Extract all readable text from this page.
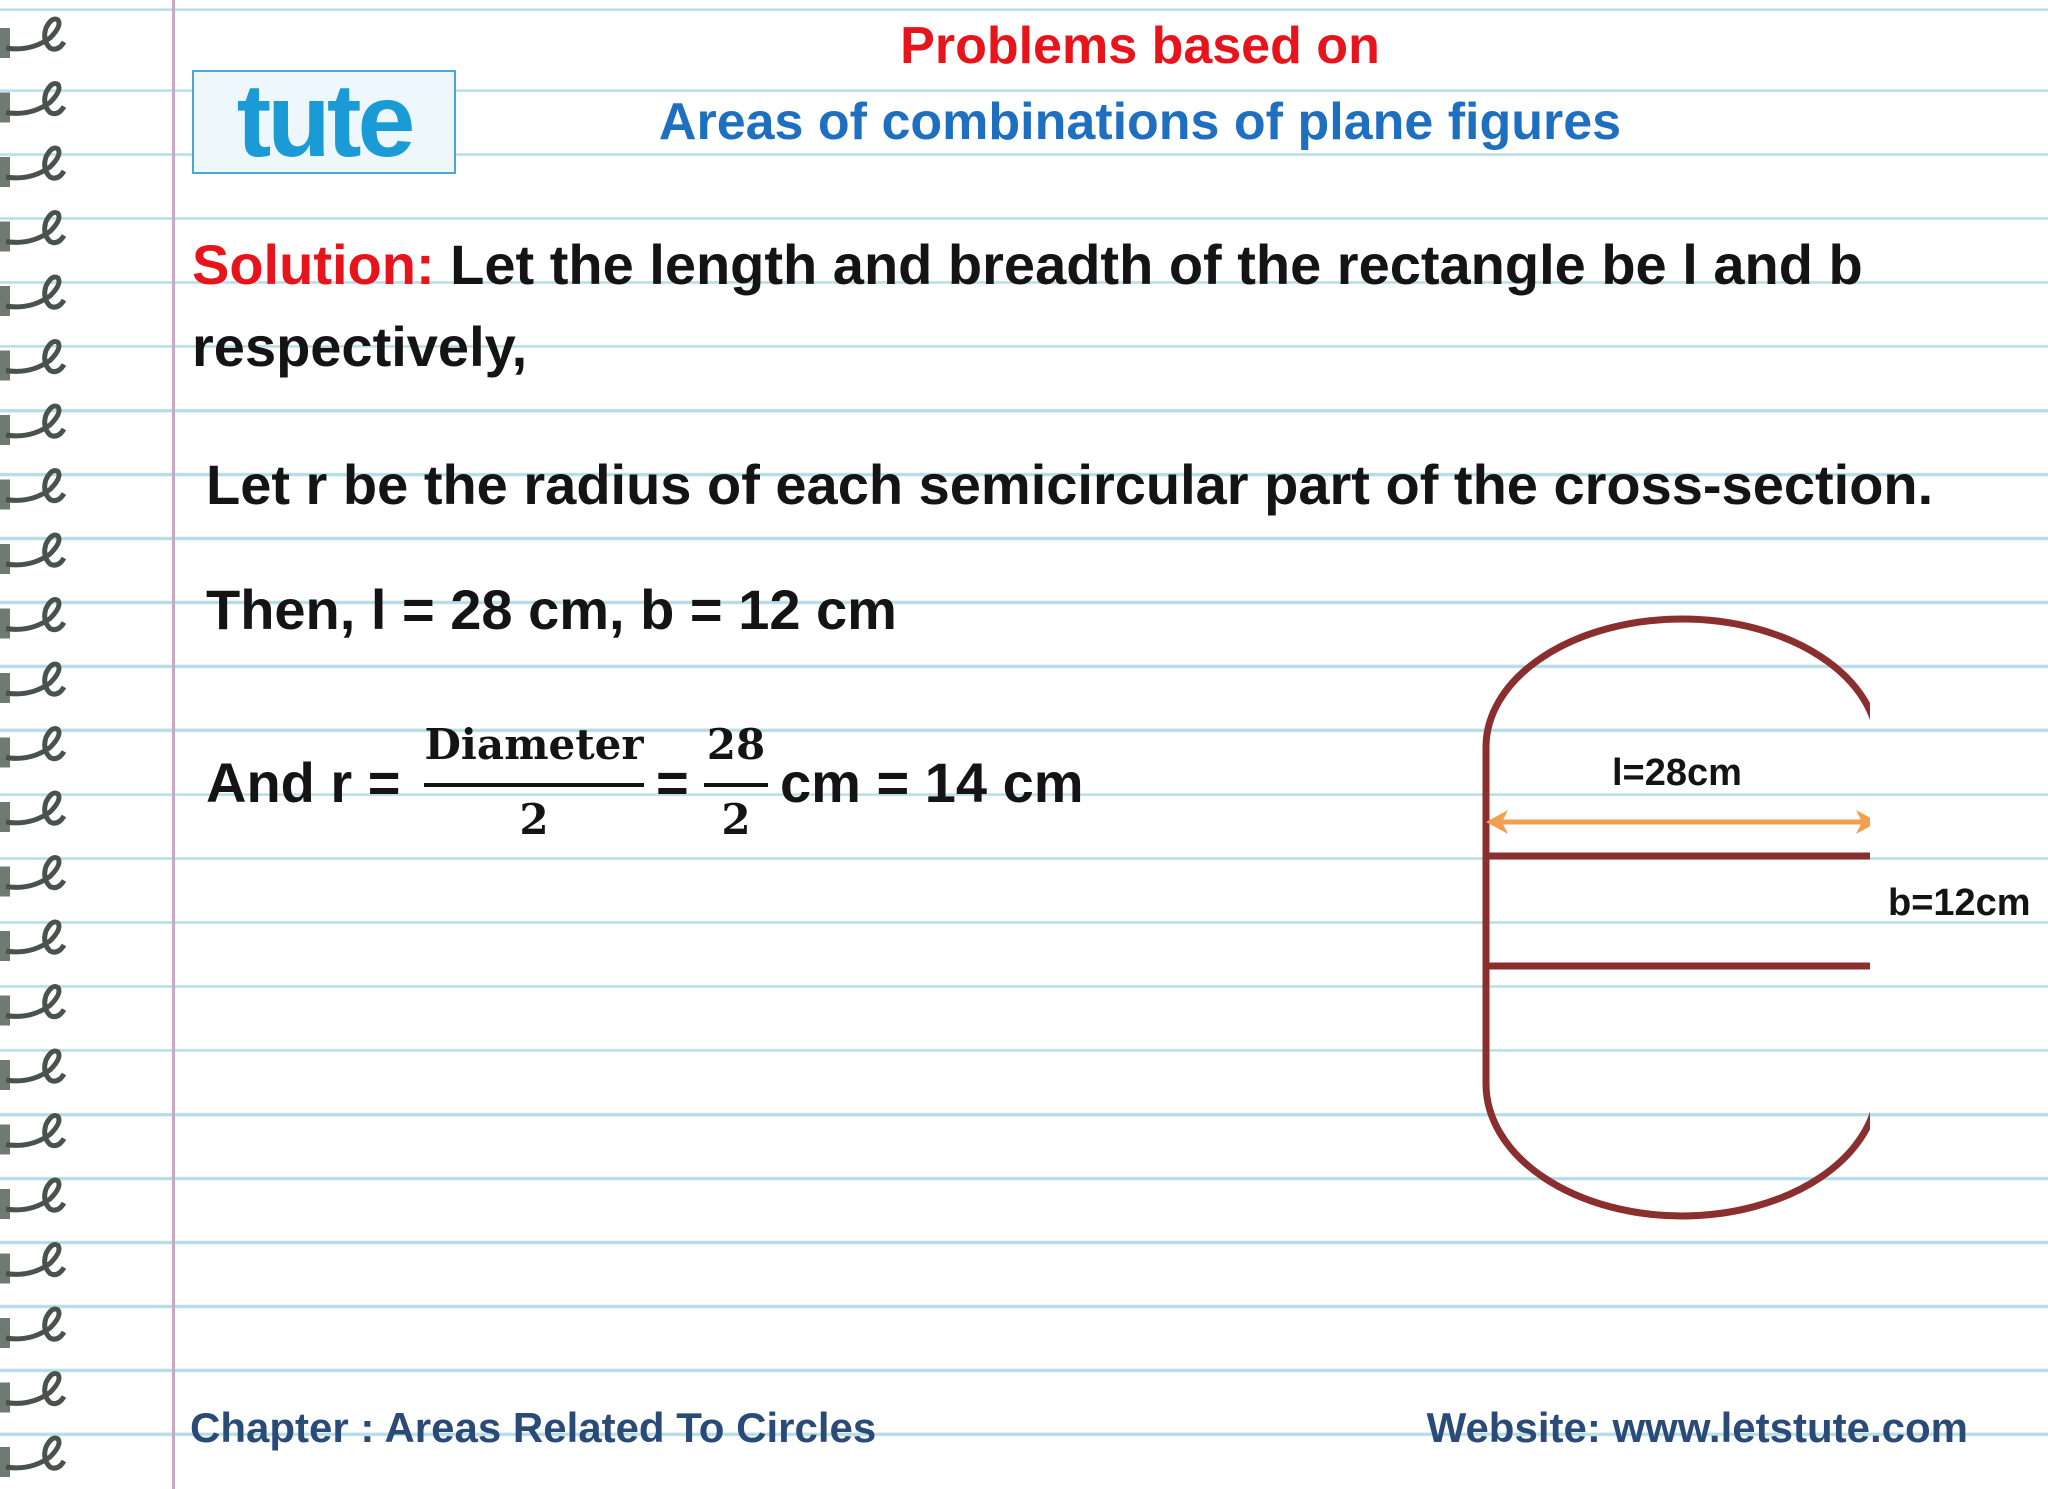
tute
Problems based on
Areas of combinations of plane figures
Solution: Let the length and breadth of the rectangle be l and b
respectively,
Let r be the radius of each semicircular part of the cross-section.
Then, l = 28 cm, b = 12 cm
And r =
Diameter
2
=
28
2
cm = 14 cm	l=28cm
b=12cm
Chapter : Areas Related To Circles	Website: www.letstute.com
